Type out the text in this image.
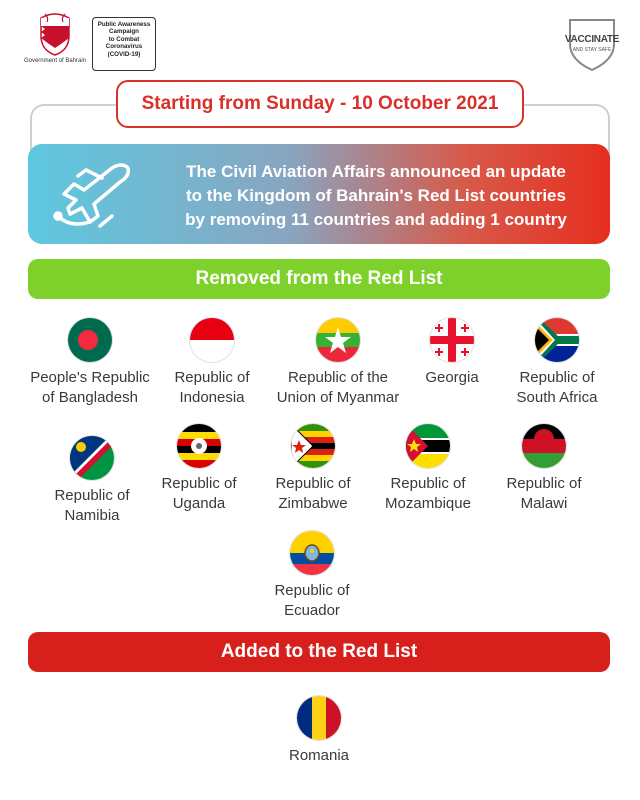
Government of Bahrain
Public Awareness
Campaign
to Combat
Coronavirus
(COVID-19)
VACCINATE
AND STAY SAFE
Starting from Sunday - 10 October 2021
The Civil Aviation Affairs announced an update
to the Kingdom of Bahrain's Red List countries
by removing 11 countries and adding 1 country
Removed from the Red List
People's Republic
of Bangladesh
Republic of
Indonesia
Republic of the
Union of Myanmar
Georgia	Republic of
South Africa
Republic of
Namibia
Republic of
Uganda
Republic of
Zimbabwe
Republic of
Mozambique
Republic of
Malawi
Republic of
Ecuador
Added to the Red List
Romania
